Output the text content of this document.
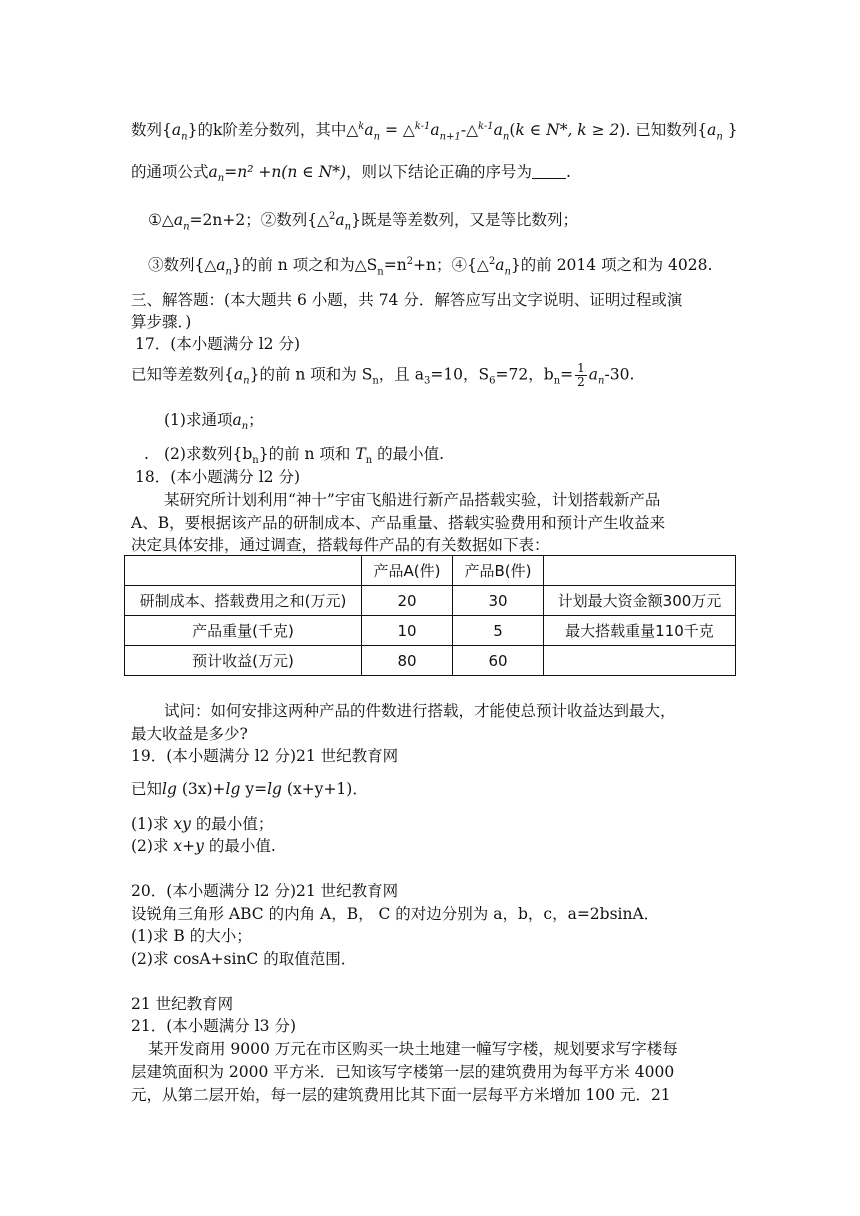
数列$\{a_n\}$的k阶差分数列，其中$\triangle^ka_n$ = $\triangle^{k-1}a_{n+1}-\triangle^{k-1}a_n(k$ ∈ N*, k ≥ 2). 已知数列{$a_n$ }
的通项公式$a_n=n^2 +n(n$ ∈ N*)，则以下结论正确的序号为 .
$①\triangle a_n=2n+2$；②数列$\{\triangle^2a_n\}$既是等差数列，又是等比数列；
③数列$\{\triangle a_n\}$的前 n 项之和为$\triangle S_n=n^2+n$；$④\{\triangle^2a_n\}$的前 2014 项之和为 4028.
三、解答题：(本大题共 6 小题，共 74 分．解答应写出文字说明、证明过程或演
算步骤．)
17．(本小题满分 l2 分)
已知等差数列$\{a_n\}$的前 n 项和为 $S_n$，且 $a_3=10$，$S_6=72$，$b_n= \frac{1}{2} a_n-30$.
(1)求通项$a_n$；
. (2)求数列$\{b_n\}$的前 n 项和 $T_n$ 的最小值.
18．(本小题满分 l2 分)
某研究所计划利用“神十”宇宙飞船进行新产品搭载实验，计划搭载新产品
A、B，要根据该产品的研制成本、产品重量、搭载实验费用和预计产生收益来
决定具体安排，通过调查，搭载每件产品的有关数据如下表：
	产品A(件)	产品B(件)	
研制成本、搭载费用之和(万元)	20	30	计划最大资金额300万元
产品重量(千克)	10	5	最大搭载重量110千克
预计收益(万元)	80	60	
试问：如何安排这两种产品的件数进行搭载，才能使总预计收益达到最大，
最大收益是多少?
19．(本小题满分 l2 分)21 世纪教育网
已知lg (3x)+lg y=lg (x+y+1)．
(1)求 xy 的最小值；
(2)求 x+y 的最小值.
20．(本小题满分 l2 分)21 世纪教育网
设锐角三角形 ABC 的内角 A，B， C 的对边分别为 a，b，c，a=2bsinA．
(1)求 B 的大小；
(2)求 cosA+sinC 的取值范围．
21 世纪教育网
21．(本小题满分 l3 分)
某开发商用 9000 万元在市区购买一块土地建一幢写字楼，规划要求写字楼每
层建筑面积为 2000 平方米．已知该写字楼第一层的建筑费用为每平方米 4000
元，从第二层开始，每一层的建筑费用比其下面一层每平方米增加 100 元．21
